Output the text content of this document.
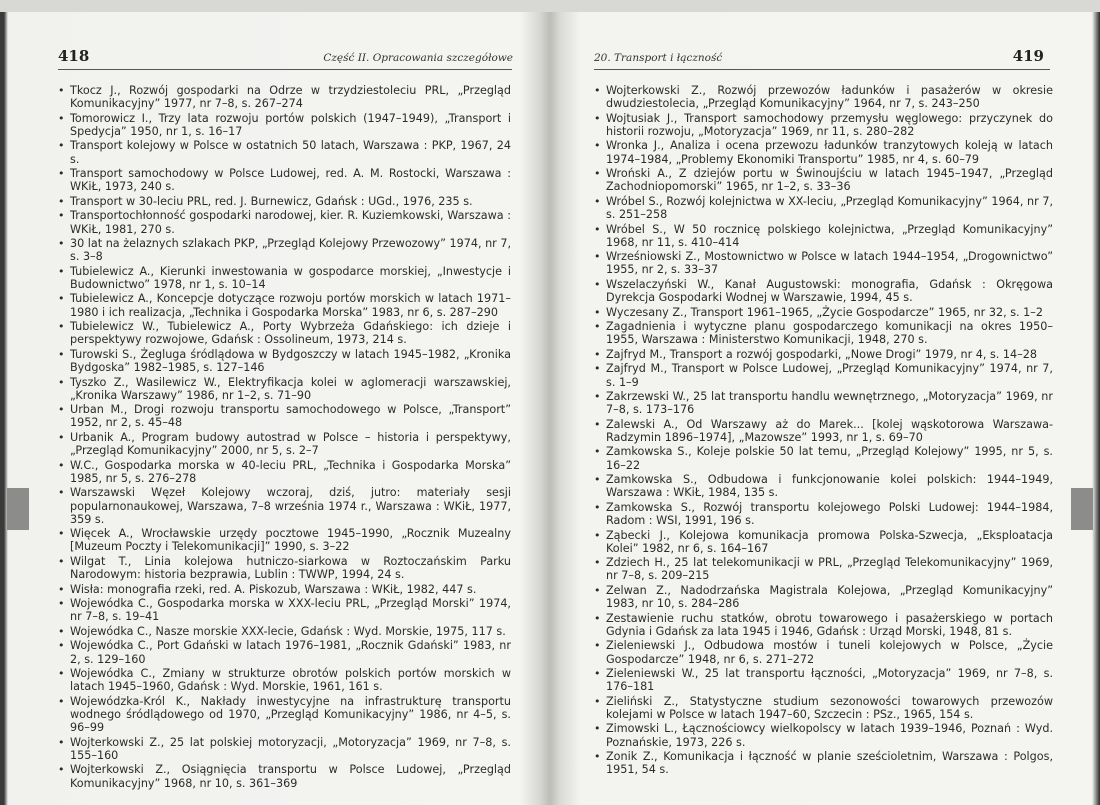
418	Część II. Opracowania szczegółowe
• Tkocz J., Rozwój gospodarki na Odrze w trzydziestoleciu PRL, „Przegląd Komunikacyjny” 1977, nr 7–8, s. 267–274
• Tomorowicz I., Trzy lata rozwoju portów polskich (1947–1949), „Transport i Spedycja” 1950, nr 1, s. 16–17
• Transport kolejowy w Polsce w ostatnich 50 latach, Warszawa : PKP, 1967, 24 s.
• Transport samochodowy w Polsce Ludowej, red. A. M. Rostocki, Warszawa : WKiŁ, 1973, 240 s.
• Transport w 30-leciu PRL, red. J. Burnewicz, Gdańsk : UGd., 1976, 235 s.
• Transportochłonność gospodarki narodowej, kier. R. Kuziemkowski, Warszawa : WKiŁ, 1981, 270 s.
• 30 lat na żelaznych szlakach PKP, „Przegląd Kolejowy Przewozowy” 1974, nr 7, s. 3–8
• Tubielewicz A., Kierunki inwestowania w gospodarce morskiej, „Inwestycje i Budownictwo” 1978, nr 1, s. 10–14
• Tubielewicz A., Koncepcje dotyczące rozwoju portów morskich w latach 1971–1980 i ich realizacja, „Technika i Gospodarka Morska” 1983, nr 6, s. 287–290
• Tubielewicz W., Tubielewicz A., Porty Wybrzeża Gdańskiego: ich dzieje i perspektywy rozwojowe, Gdańsk : Ossolineum, 1973, 214 s.
• Turowski S., Żegluga śródlądowa w Bydgoszczy w latach 1945–1982, „Kronika Bydgoska” 1982–1985, s. 127–146
• Tyszko Z., Wasilewicz W., Elektryfikacja kolei w aglomeracji warszawskiej, „Kronika Warszawy” 1986, nr 1–2, s. 71–90
• Urban M., Drogi rozwoju transportu samochodowego w Polsce, „Transport” 1952, nr 2, s. 45–48
• Urbanik A., Program budowy autostrad w Polsce – historia i perspektywy, „Przegląd Komunikacyjny” 2000, nr 5, s. 2–7
• W.C., Gospodarka morska w 40-leciu PRL, „Technika i Gospodarka Morska” 1985, nr 5, s. 276–278
• Warszawski Węzeł Kolejowy wczoraj, dziś, jutro: materiały sesji popularnonaukowej, Warszawa, 7–8 września 1974 r., Warszawa : WKiŁ, 1977, 359 s.
• Więcek A., Wrocławskie urzędy pocztowe 1945–1990, „Rocznik Muzealny [Muzeum Poczty i Telekomunikacji]” 1990, s. 3–22
• Wilgat T., Linia kolejowa hutniczo-siarkowa w Roztoczańskim Parku Narodowym: historia bezprawia, Lublin : TWWP, 1994, 24 s.
• Wisła: monografia rzeki, red. A. Piskozub, Warszawa : WKiŁ, 1982, 447 s.
• Wojewódka C., Gospodarka morska w XXX-leciu PRL, „Przegląd Morski” 1974, nr 7–8, s. 19–41
• Wojewódka C., Nasze morskie XXX-lecie, Gdańsk : Wyd. Morskie, 1975, 117 s.
• Wojewódka C., Port Gdański w latach 1976–1981, „Rocznik Gdański” 1983, nr 2, s. 129–160
• Wojewódka C., Zmiany w strukturze obrotów polskich portów morskich w latach 1945–1960, Gdańsk : Wyd. Morskie, 1961, 161 s.
• Wojewódzka-Król K., Nakłady inwestycyjne na infrastrukturę transportu wodnego śródlądowego od 1970, „Przegląd Komunikacyjny” 1986, nr 4–5, s. 96–99
• Wojterkowski Z., 25 lat polskiej motoryzacji, „Motoryzacja” 1969, nr 7–8, s. 155–160
• Wojterkowski Z., Osiągnięcia transportu w Polsce Ludowej, „Przegląd Komunikacyjny” 1968, nr 10, s. 361–369
20. Transport i łączność	419
• Wojterkowski Z., Rozwój przewozów ładunków i pasażerów w okresie dwudziestolecia, „Przegląd Komunikacyjny” 1964, nr 7, s. 243–250
• Wojtusiak J., Transport samochodowy przemysłu węglowego: przyczynek do historii rozwoju, „Motoryzacja” 1969, nr 11, s. 280–282
• Wronka J., Analiza i ocena przewozu ładunków tranzytowych koleją w latach 1974–1984, „Problemy Ekonomiki Transportu” 1985, nr 4, s. 60–79
• Wroński A., Z dziejów portu w Świnoujściu w latach 1945–1947, „Przegląd Zachodniopomorski” 1965, nr 1–2, s. 33–36
• Wróbel S., Rozwój kolejnictwa w XX-leciu, „Przegląd Komunikacyjny” 1964, nr 7, s. 251–258
• Wróbel S., W 50 rocznicę polskiego kolejnictwa, „Przegląd Komunikacyjny” 1968, nr 11, s. 410–414
• Wrześniowski Z., Mostownictwo w Polsce w latach 1944–1954, „Drogownictwo” 1955, nr 2, s. 33–37
• Wszelaczyński W., Kanał Augustowski: monografia, Gdańsk : Okręgowa Dyrekcja Gospodarki Wodnej w Warszawie, 1994, 45 s.
• Wyczesany Z., Transport 1961–1965, „Życie Gospodarcze” 1965, nr 32, s. 1–2
• Zagadnienia i wytyczne planu gospodarczego komunikacji na okres 1950–1955, Warszawa : Ministerstwo Komunikacji, 1948, 270 s.
• Zajfryd M., Transport a rozwój gospodarki, „Nowe Drogi” 1979, nr 4, s. 14–28
• Zajfryd M., Transport w Polsce Ludowej, „Przegląd Komunikacyjny” 1974, nr 7, s. 1–9
• Zakrzewski W., 25 lat transportu handlu wewnętrznego, „Motoryzacja” 1969, nr 7–8, s. 173–176
• Zalewski A., Od Warszawy aż do Marek... [kolej wąskotorowa Warszawa-Radzymin 1896–1974], „Mazowsze” 1993, nr 1, s. 69–70
• Zamkowska S., Koleje polskie 50 lat temu, „Przegląd Kolejowy” 1995, nr 5, s. 16–22
• Zamkowska S., Odbudowa i funkcjonowanie kolei polskich: 1944–1949, Warszawa : WKiŁ, 1984, 135 s.
• Zamkowska S., Rozwój transportu kolejowego Polski Ludowej: 1944–1984, Radom : WSI, 1991, 196 s.
• Ząbecki J., Kolejowa komunikacja promowa Polska-Szwecja, „Eksploatacja Kolei” 1982, nr 6, s. 164–167
• Zdziech H., 25 lat telekomunikacji w PRL, „Przegląd Telekomunikacyjny” 1969, nr 7–8, s. 209–215
• Zelwan Z., Nadodrzańska Magistrala Kolejowa, „Przegląd Komunikacyjny” 1983, nr 10, s. 284–286
• Zestawienie ruchu statków, obrotu towarowego i pasażerskiego w portach Gdynia i Gdańsk za lata 1945 i 1946, Gdańsk : Urząd Morski, 1948, 81 s.
• Zieleniewski J., Odbudowa mostów i tuneli kolejowych w Polsce, „Życie Gospodarcze” 1948, nr 6, s. 271–272
• Zieleniewski W., 25 lat transportu łączności, „Motoryzacja” 1969, nr 7–8, s. 176–181
• Zieliński Z., Statystyczne studium sezonowości towarowych przewozów kolejami w Polsce w latach 1947–60, Szczecin : PSz., 1965, 154 s.
• Zimowski L., Łącznościowcy wielkopolscy w latach 1939–1946, Poznań : Wyd. Poznańskie, 1973, 226 s.
• Zonik Z., Komunikacja i łączność w planie sześcioletnim, Warszawa : Polgos, 1951, 54 s.
